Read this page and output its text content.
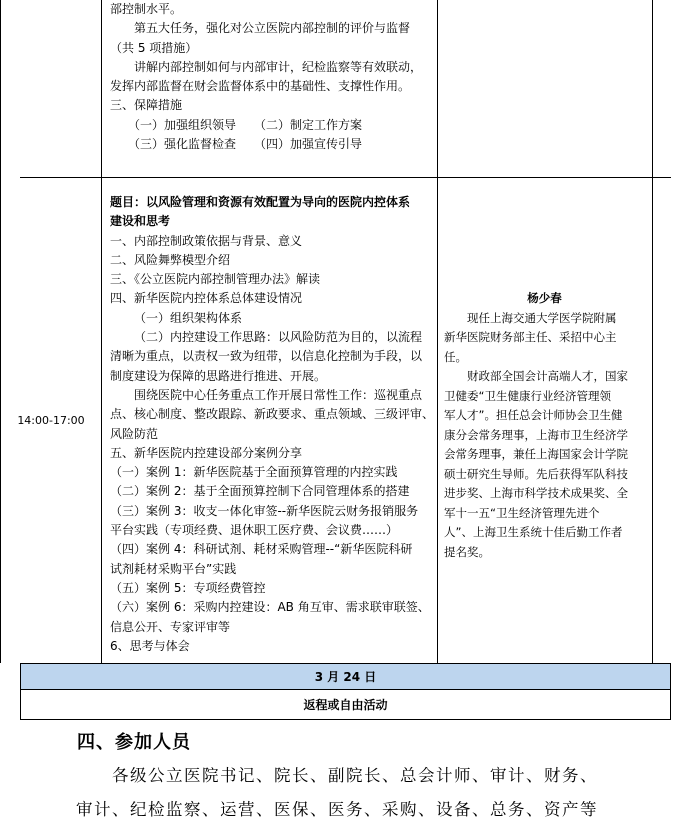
部控制水平。
第五大任务，强化对公立医院内部控制的评价与监督
（共 5 项措施）
讲解内部控制如何与内部审计，纪检监察等有效联动，
发挥内部监督在财会监督体系中的基础性、支撑性作用。
三、保障措施
（一）加强组织领导　　（二）制定工作方案
（三）强化监督检查　　（四）加强宣传引导
14:00-17:00
题目：以风险管理和资源有效配置为导向的医院内控体系
建设和思考
一、内部控制政策依据与背景、意义
二、风险舞弊模型介绍
三、《公立医院内部控制管理办法》解读
四、新华医院内控体系总体建设情况
（一）组织架构体系
（二）内控建设工作思路：以风险防范为目的，以流程
清晰为重点，以责权一致为纽带，以信息化控制为手段，以
制度建设为保障的思路进行推进、开展。
围绕医院中心任务重点工作开展日常性工作：巡视重点
点、核心制度、整改跟踪、新政要求、重点领域、三级评审、
风险防范
五、新华医院内控建设部分案例分享
（一）案例 1：新华医院基于全面预算管理的内控实践
（二）案例 2：基于全面预算控制下合同管理体系的搭建
（三）案例 3：收支一体化审签--新华医院云财务报销服务
平台实践（专项经费、退休职工医疗费、会议费……）
（四）案例 4：科研试剂、耗材采购管理--“新华医院科研
试剂耗材采购平台”实践
（五）案例 5：专项经费管控
（六）案例 6：采购内控建设：AB 角互审、需求联审联签、
信息公开、专家评审等
6、思考与体会
杨少春
现任上海交通大学医学院附属
新华医院财务部主任、采招中心主
任。
财政部全国会计高端人才，国家
卫健委“卫生健康行业经济管理领
军人才”。担任总会计师协会卫生健
康分会常务理事，上海市卫生经济学
会常务理事，兼任上海国家会计学院
硕士研究生导师。先后获得军队科技
进步奖、上海市科学技术成果奖、全
军十一五“卫生经济管理先进个
人”、上海卫生系统十佳后勤工作者
提名奖。
3 月 24 日
返程或自由活动
四、参加人员
各级公立医院书记、院长、副院长、总会计师、审计、财务、
审计、纪检监察、运营、医保、医务、采购、设备、总务、资产等
